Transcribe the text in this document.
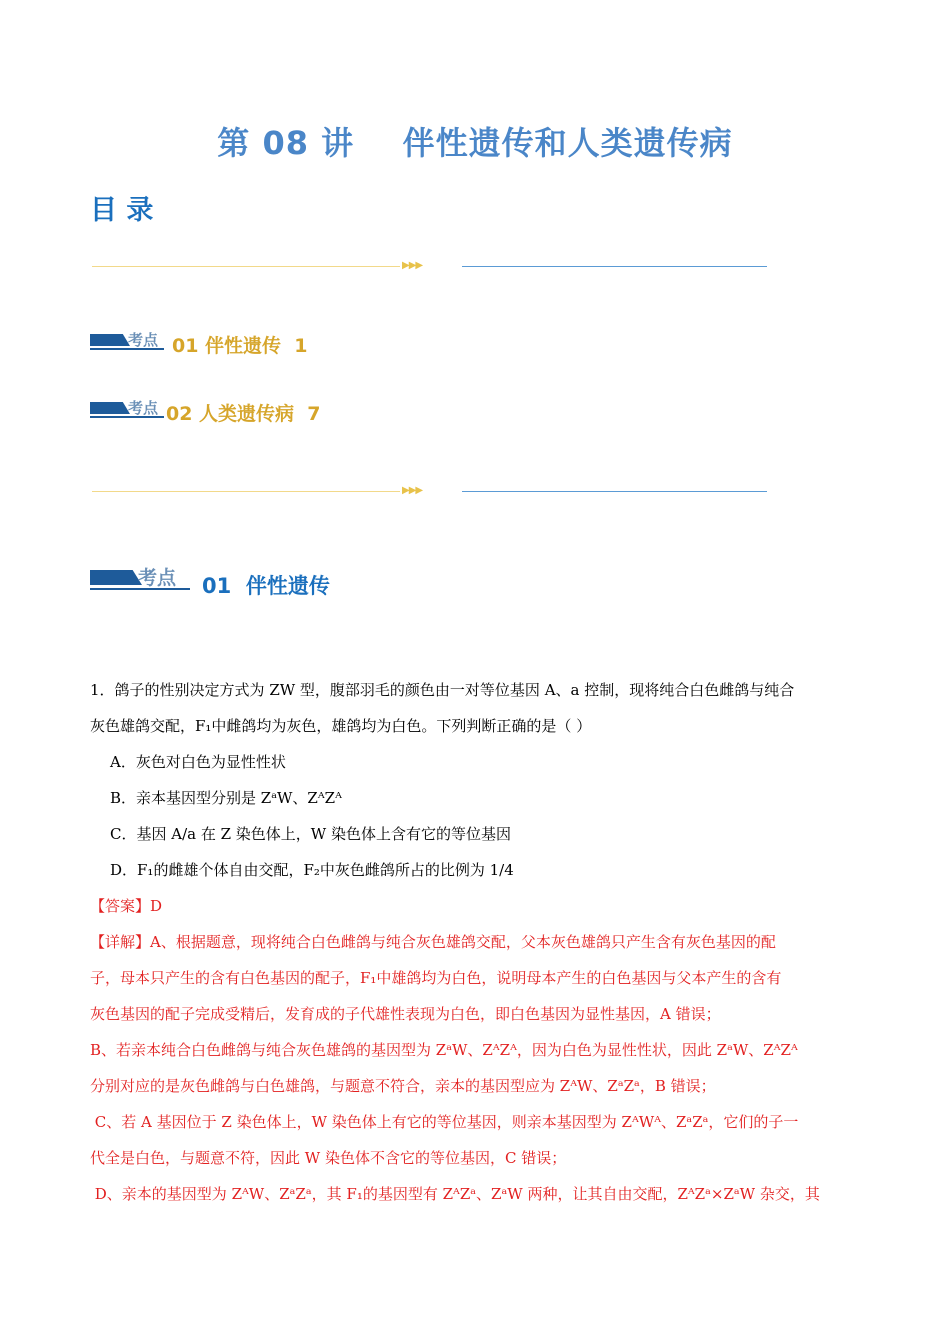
第 08 讲    伴性遗传和人类遗传病
目 录
▶▶▶
考点 01 伴性遗传 1
考点 02 人类遗传病 7
▶▶▶
考点 01 伴性遗传

1．鸽子的性别决定方式为 ZW 型，腹部羽毛的颜色由一对等位基因 A、a 控制，现将纯合白色雌鸽与纯合

灰色雄鸽交配，F₁中雌鸽均为灰色，雄鸽均为白色。下列判断正确的是（ ）

A．灰色对白色为显性性状

B．亲本基因型分别是 ZᵃW、ZᴬZᴬ

C．基因 A/a 在 Z 染色体上，W 染色体上含有它的等位基因

D．F₁的雌雄个体自由交配，F₂中灰色雌鸽所占的比例为 1/4

【答案】D

【详解】A、根据题意，现将纯合白色雌鸽与纯合灰色雄鸽交配，父本灰色雄鸽只产生含有灰色基因的配

子，母本只产生的含有白色基因的配子，F₁中雄鸽均为白色，说明母本产生的白色基因与父本产生的含有

灰色基因的配子完成受精后，发育成的子代雄性表现为白色，即白色基因为显性基因，A 错误；

B、若亲本纯合白色雌鸽与纯合灰色雄鸽的基因型为 ZᵃW、ZᴬZᴬ，因为白色为显性性状，因此 ZᵃW、ZᴬZᴬ

分别对应的是灰色雌鸽与白色雄鸽，与题意不符合，亲本的基因型应为 ZᴬW、ZᵃZᵃ，B 错误；

C、若 A 基因位于 Z 染色体上，W 染色体上有它的等位基因，则亲本基因型为 ZᴬWᴬ、ZᵃZᵃ，它们的子一

代全是白色，与题意不符，因此 W 染色体不含它的等位基因，C 错误；

D、亲本的基因型为 ZᴬW、ZᵃZᵃ，其 F₁的基因型有 ZᴬZᵃ、ZᵃW 两种，让其自由交配，ZᴬZᵃ×ZᵃW 杂交，其
